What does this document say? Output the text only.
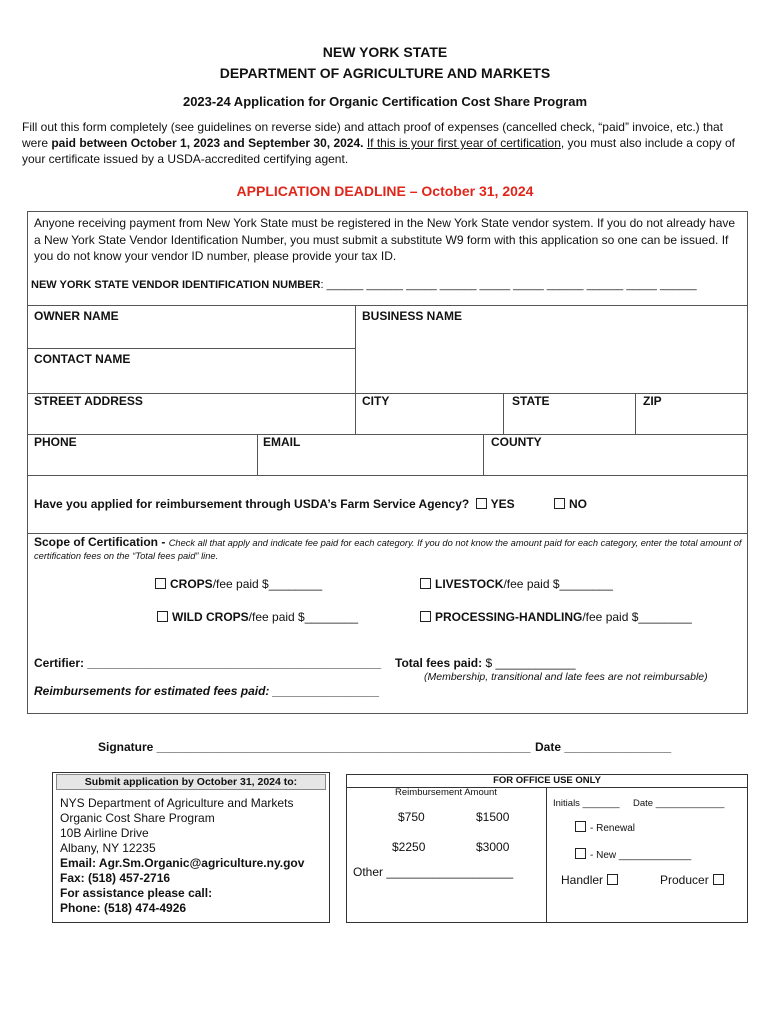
NEW YORK STATE
DEPARTMENT OF AGRICULTURE AND MARKETS
2023-24 Application for Organic Certification Cost Share Program
Fill out this form completely (see guidelines on reverse side) and attach proof of expenses (cancelled check, “paid” invoice, etc.) that were paid between October 1, 2023 and September 30, 2024. If this is your first year of certification, you must also include a copy of your certificate issued by a USDA-accredited certifying agent.
APPLICATION DEADLINE – October 31, 2024
Anyone receiving payment from New York State must be registered in the New York State vendor system. If you do not already have a New York State Vendor Identification Number, you must submit a substitute W9 form with this application so one can be issued. If you do not know your vendor ID number, please provide your tax ID.
NEW YORK STATE VENDOR IDENTIFICATION NUMBER: ______ ______ _____ ______ _____ _____ ______ ______ _____ ______
OWNER NAME	BUSINESS NAME
CONTACT NAME
STREET ADDRESS	CITY	STATE	ZIP
PHONE	EMAIL	COUNTY
Have you applied for reimbursement through USDA’s Farm Service Agency? YES	NO
Scope of Certification - Check all that apply and indicate fee paid for each category. If you do not know the amount paid for each category, enter the total amount of certification fees on the “Total fees paid” line.
CROPS/fee paid $________	LIVESTOCK/fee paid $________
WILD CROPS/fee paid $________	PROCESSING-HANDLING/fee paid $________
Certifier: ____________________________________________ Total fees paid: $ ____________
(Membership, transitional and late fees are not reimbursable)
Reimbursements for estimated fees paid: ________________
Signature ________________________________________________________ Date ________________
Submit application by October 31, 2024 to:
NYS Department of Agriculture and Markets
Organic Cost Share Program
10B Airline Drive
Albany, NY 12235
Email: Agr.Sm.Organic@agriculture.ny.gov
Fax: (518) 457-2716
For assistance please call:
Phone: (518) 474-4926
FOR OFFICE USE ONLY
Reimbursement Amount
$750	$1500
$2250	$3000
Other ___________________
Initials _______ Date _____________
- Renewal
- New _____________
Handler	Producer
